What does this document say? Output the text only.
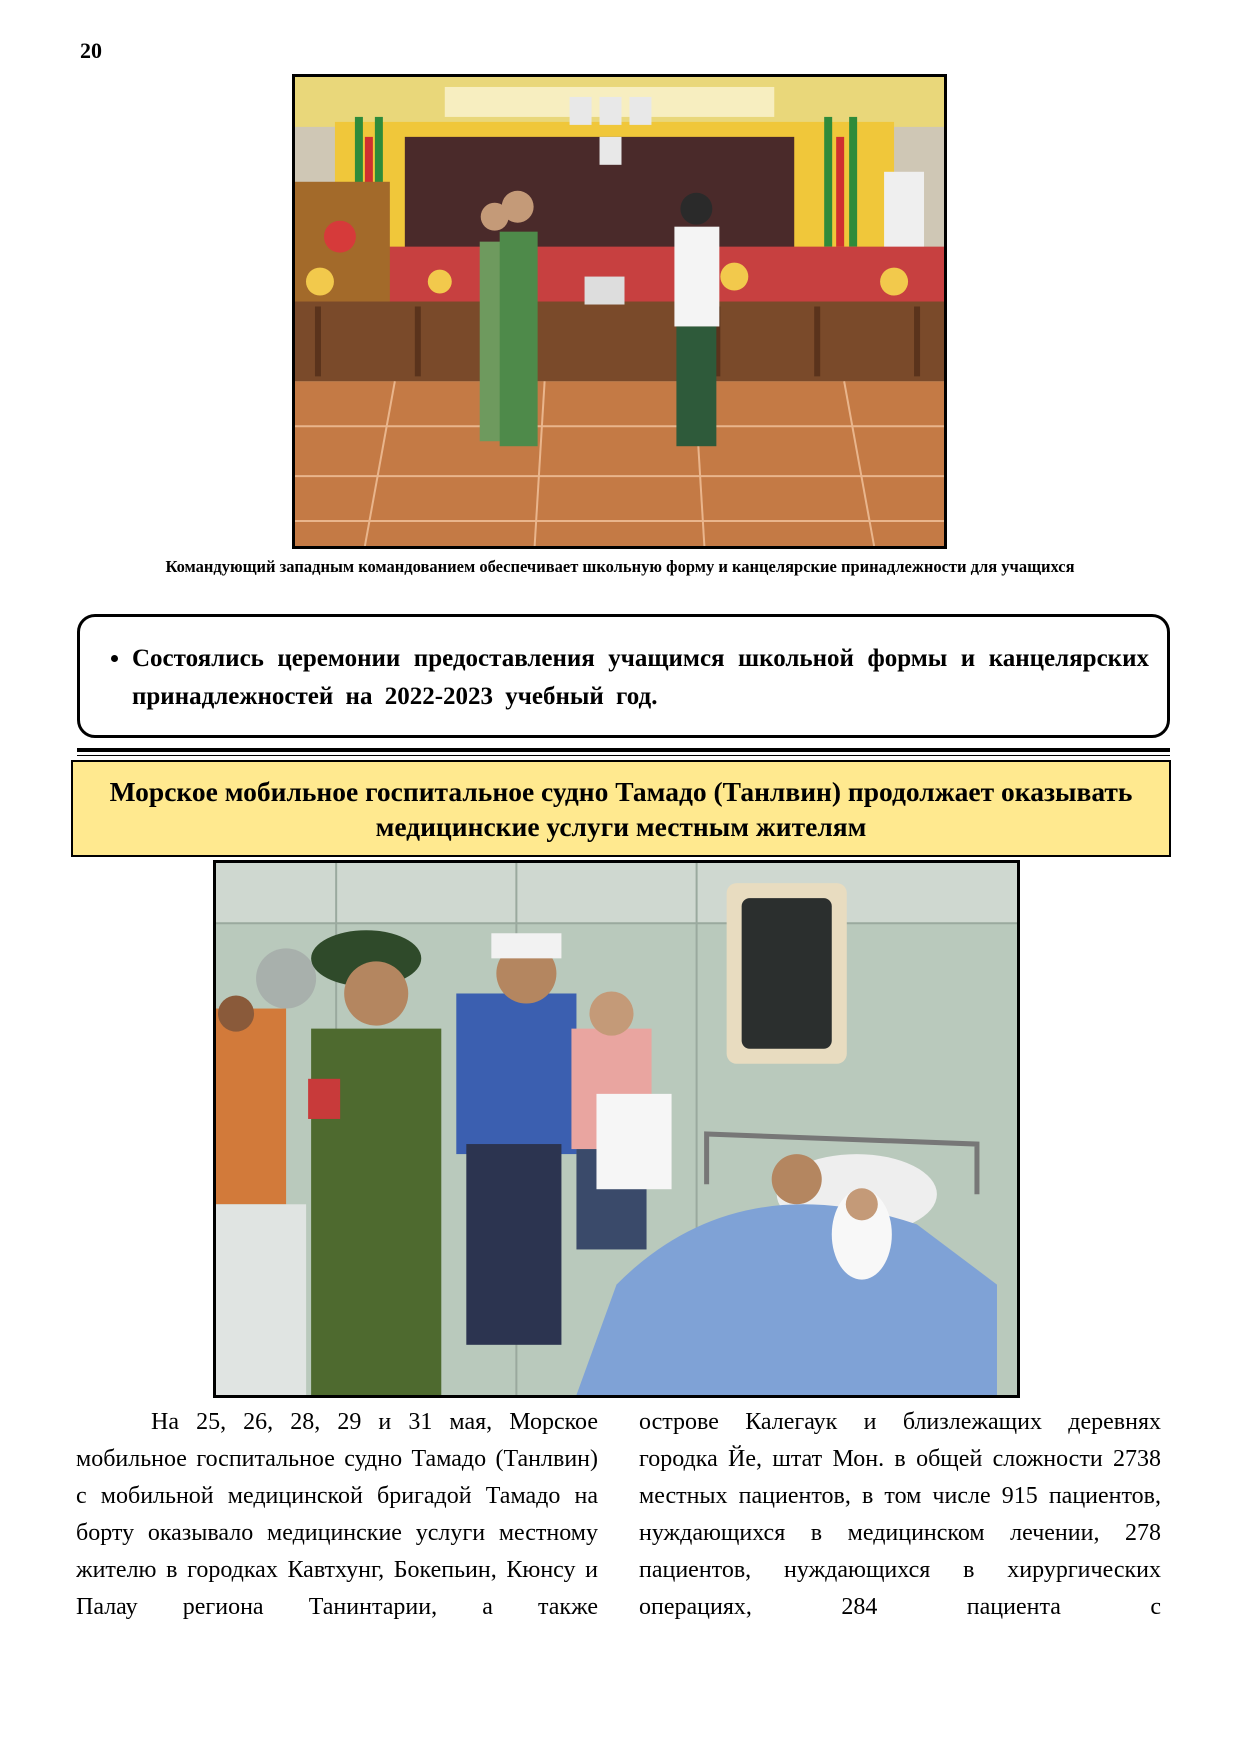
20
Командующий западным командованием обеспечивает школьную форму и канцелярские принадлежности для учащихся
• Состоялись церемонии предоставления учащимся школьной формы и канцелярских принадлежностей на 2022-2023 учебный год.
Морское мобильное госпитальное судно Тамадо (Танлвин) продолжает оказывать медицинские услуги местным жителям

На 25, 26, 28, 29 и 31 мая, Морское мобильное госпитальное судно Тамадо (Танлвин) с мобильной медицинской бригадой Тамадо на борту оказывало медицинские услуги местному жителю в городках Кавтхунг, Бокепьин, Кюнсу и Палау региона Танинтарии, а также

острове Калегаук и близлежащих деревнях городка Йе, штат Мон. в общей сложности 2738 местных пациентов, в том числе 915 пациентов, нуждающихся в медицинском лечении, 278 пациентов, нуждающихся в хирургических операциях, 284 пациента с
